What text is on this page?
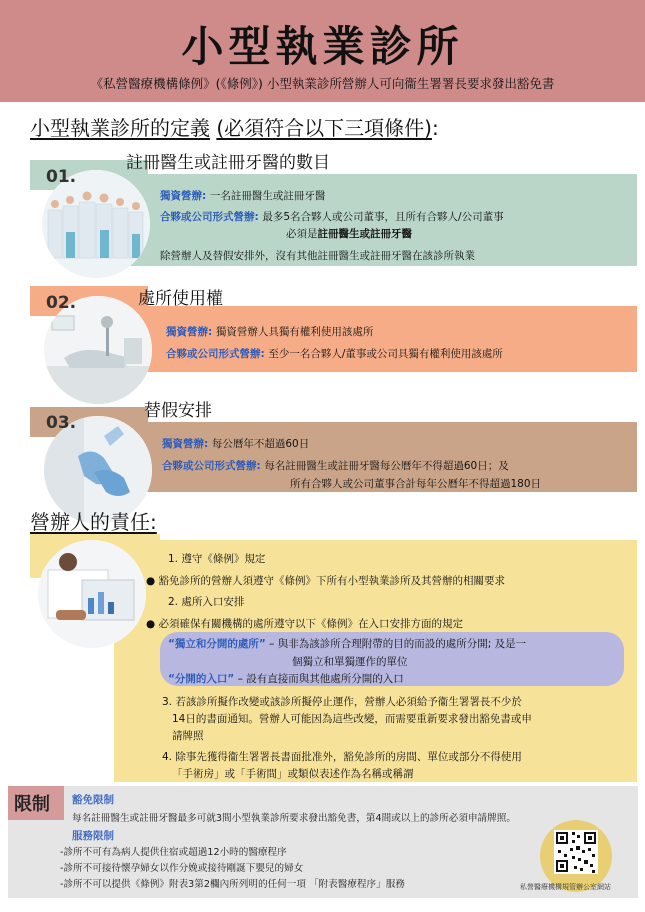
小型執業診所
《私營醫療機構條例》(《條例》) 小型執業診所營辦人可向衞生署署長要求發出豁免書
小型執業診所的定義 (必須符合以下三項條件):
獨資營辦: 一名註冊醫生或註冊牙醫
合夥或公司形式營辦: 最多5名合夥人或公司董事，且所有合夥人/公司董事
必須是註冊醫生或註冊牙醫
除營辦人及替假安排外，沒有其他註冊醫生或註冊牙醫在該診所執業
註冊醫生或註冊牙醫的數目
01.
獨資營辦: 獨資營辦人具獨有權利使用該處所
合夥或公司形式營辦: 至少一名合夥人/董事或公司具獨有權利使用該處所
處所使用權
02.
獨資營辦: 每公曆年不超過60日
合夥或公司形式營辦: 每名註冊醫生或註冊牙醫每公曆年不得超過60日；及
所有合夥人或公司董事合計每年公曆年不得超過180日
替假安排
03.
營辦人的責任:
1. 遵守《條例》規定
● 豁免診所的營辦人須遵守《條例》下所有小型執業診所及其營辦的相關要求
2. 處所入口安排
● 必須確保有關機構的處所遵守以下《條例》在入口安排方面的規定
“獨立和分開的處所” – 與非為該診所合理附帶的目的而設的處所分開; 及是一
個獨立和單獨運作的單位
“分開的入口” – 設有直接而與其他處所分開的入口
3. 若該診所擬作改變或該診所擬停止運作，營辦人必須給予衞生署署長不少於
14日的書面通知。營辦人可能因為這些改變，而需要重新要求發出豁免書或申
請牌照
4. 除事先獲得衞生署署長書面批准外，豁免診所的房間、單位或部分不得使用
「手術房」或「手術間」或類似表述作為名稱或稱謂
限制 豁免限制
每名註冊醫生或註冊牙醫最多可就3間小型執業診所要求發出豁免書，第4間或以上的診所必須申請牌照。
服務限制
-診所不可有為病人提供住宿或超過12小時的醫療程序
-診所不可接待懷孕婦女以作分娩或接待剛誕下嬰兒的婦女
-診所不可以提供《條例》附表3第2欄內所列明的任何一項 「附表醫療程序」服務	私營醫療機構規管辦公室網站
